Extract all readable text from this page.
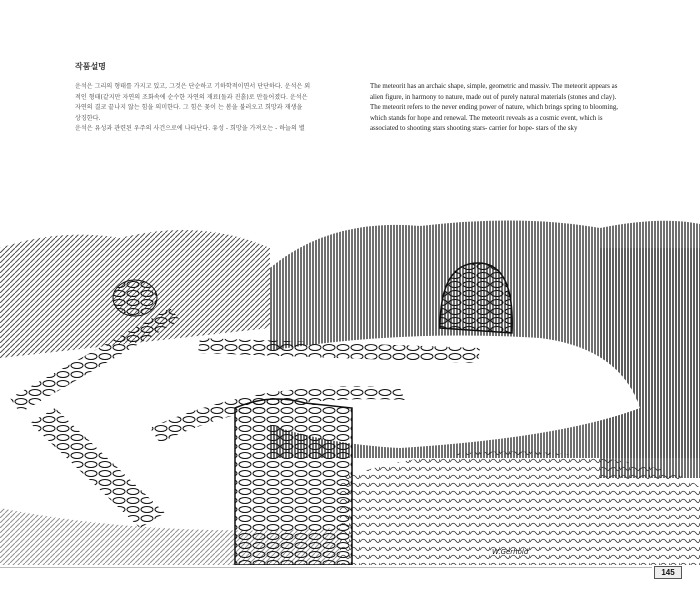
작품설명
운석은 그리의 형태를 가지고 있고, 그것은 단순하고 기하학적이면서 단단하다. 운석은 외
적인 형태(같지만 자연의 조화속에 순수한 자연의 재료(돌과 진흙)로 만들어졌다. 운석은
자연의 결코 끝나지 않는 힘을 의미한다. 그 힘은 꽃이 는 봄을 불러오고 희망과 재생을
상징한다.
운석은 유성과 관련된 우주의 사건으로에 나타난다. 유성 - 희망을 가져오는 - 하늘의 별
The meteorit has an archaic shape, simple, geometric and massiv. The meteorit appears as alien figure, in harmony to nature, made out of purely natural materials (stones and clay). The meteorit refers to the never ending power of nature, which brings spring to blooming, which stands for hope and renewal. The meteorit reveals as a cosmic event, which is associated to shooting stars shooting stars- carrier for hope- stars of the sky
W.Gerhold
145
